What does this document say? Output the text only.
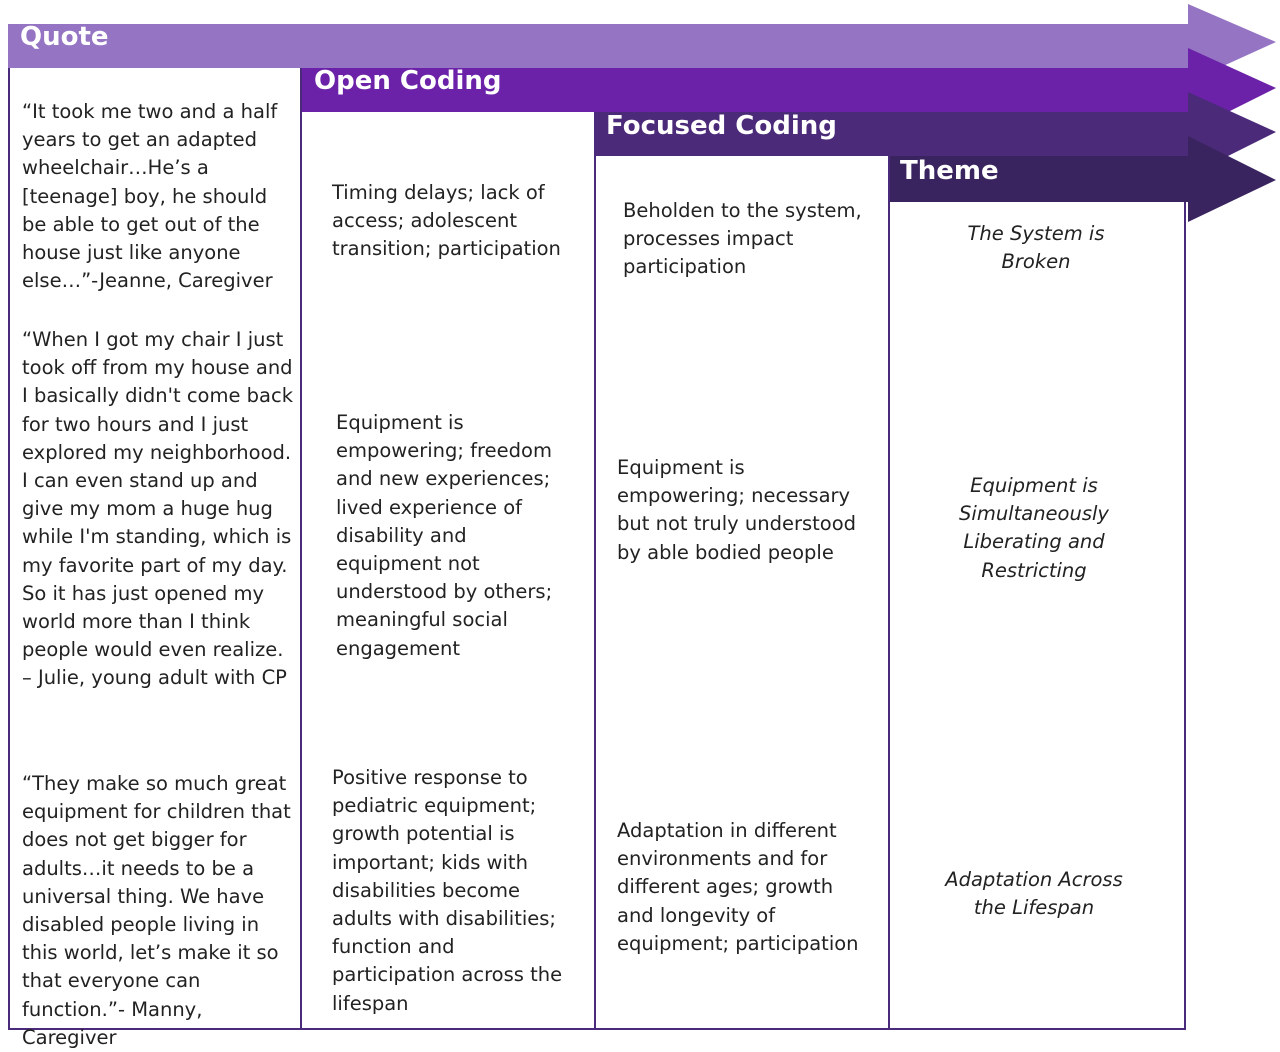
Quote
Open Coding
Focused Coding
Theme
“It took me two and a half years to get an adapted wheelchair…He’s a [teenage] boy, he should be able to get out of the house just like anyone else…”-Jeanne, Caregiver
Timing delays; lack of access; adolescent transition; participation
Beholden to the system, processes impact participation
The System is Broken
“When I got my chair I just took off from my house and I basically didn't come back for two hours and I just explored my neighborhood. I can even stand up and give my mom a huge hug while I'm standing, which is my favorite part of my day. So it has just opened my world more than I think people would even realize. – Julie, young adult with CP
Equipment is empowering; freedom and new experiences; lived experience of disability and equipment not understood by others; meaningful social engagement
Equipment is empowering; necessary but not truly understood by able bodied people
Equipment is Simultaneously Liberating and Restricting
“They make so much great equipment for children that does not get bigger for adults…it needs to be a universal thing. We have disabled people living in this world, let’s make it so that everyone can function.”- Manny, Caregiver
Positive response to pediatric equipment; growth potential is important; kids with disabilities become adults with disabilities; function and participation across the lifespan
Adaptation in different environments and for different ages; growth and longevity of equipment; participation
Adaptation Across the Lifespan
